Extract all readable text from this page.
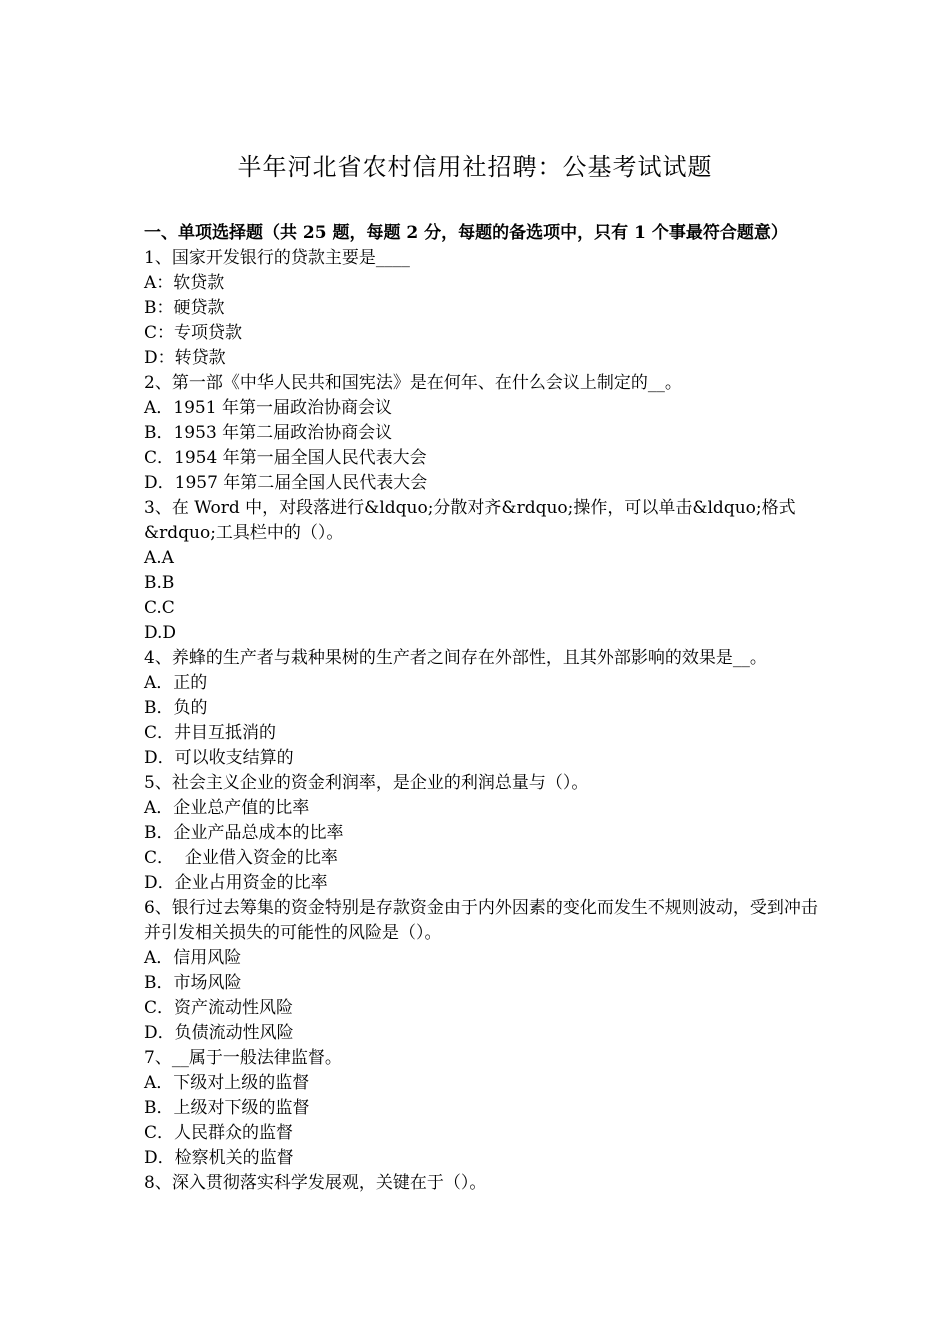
半年河北省农村信用社招聘：公基考试试题
一、单项选择题（共 25 题，每题 2 分，每题的备选项中，只有 1 个事最符合题意）
1、国家开发银行的贷款主要是____
A：软贷款
B：硬贷款
C：专项贷款
D：转贷款
2、第一部《中华人民共和国宪法》是在何年、在什么会议上制定的__。
A．1951 年第一届政治协商会议
B．1953 年第二届政治协商会议
C．1954 年第一届全国人民代表大会
D．1957 年第二届全国人民代表大会
3、在 Word 中，对段落进行&ldquo;分散对齐&rdquo;操作，可以单击&ldquo;格式&rdquo;工具栏中的（）。
A.A
B.B
C.C
D.D
4、养蜂的生产者与栽种果树的生产者之间存在外部性，且其外部影响的效果是__。
A．正的
B．负的
C．井目互抵消的
D．可以收支结算的
5、社会主义企业的资金利润率，是企业的利润总量与（）。
A．企业总产值的比率
B．企业产品总成本的比率
C．  企业借入资金的比率
D．企业占用资金的比率
6、银行过去筹集的资金特别是存款资金由于内外因素的变化而发生不规则波动，受到冲击并引发相关损失的可能性的风险是（）。
A．信用风险
B．市场风险
C．资产流动性风险
D．负债流动性风险
7、__属于一般法律监督。
A．下级对上级的监督
B．上级对下级的监督
C．人民群众的监督
D．检察机关的监督
8、深入贯彻落实科学发展观，关键在于（）。
